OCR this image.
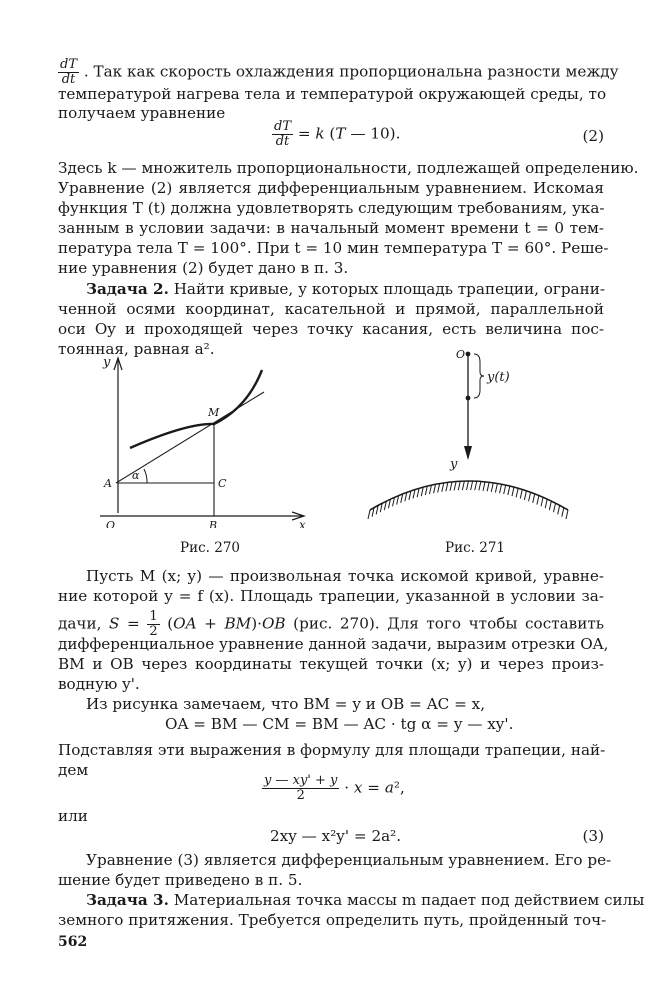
$\frac{dT}{dt}$ . Так как скорость охлаждения пропорциональна разности между
температурой нагрева тела и температурой окружающей среды, то
получаем уравнение
$\frac{dT}{dt} = k$ (T — 10).	(2)
Здесь k — множитель пропорциональности, подлежащей определению.
Уравнение (2) является дифференциальным уравнением. Искомая
функция T (t) должна удовлетворять следующим требованиям, ука-
занным в условии задачи: в начальный момент времени t = 0 тем-
пература тела T = 100°. При t = 10 мин температура T = 60°. Реше-
ние уравнения (2) будет дано в п. 3.
Задача 2. Найти кривые, у которых площадь трапеции, ограни-
ченной осями координат, касательной и прямой, параллельной
оси Oy и проходящей через точку касания, есть величина пос-
тоянная, равная a².
y
M
A
α
C
O	B	x
Рис. 270
O
y(t)
y
Рис. 271
Пусть M (x; y) — произвольная точка искомой кривой, уравне-
ние которой y = f (x). Площадь трапеции, указанной в условии за-
дачи, $S = \frac{1}{2} (OA + BM)\cdot OB$ (рис. 270). Для того чтобы составить
дифференциальное уравнение данной задачи, выразим отрезки OA,
BM и OB через координаты текущей точки (x; y) и через произ-
водную y'.
Из рисунка замечаем, что BM = y и OB = AC = x,
OA = BM — CM = BM — AC · tg α = y — xy'.
Подставляя эти выражения в формулу для площади трапеции, най-
дем
$\frac{y — xy' + y}{2} \cdot x = a^2$,
или
2xy — x²y' = 2a².	(3)
Уравнение (3) является дифференциальным уравнением. Его ре-
шение будет приведено в п. 5.
Задача 3. Материальная точка массы m падает под действием силы
земного притяжения. Требуется определить путь, пройденный точ-
562
